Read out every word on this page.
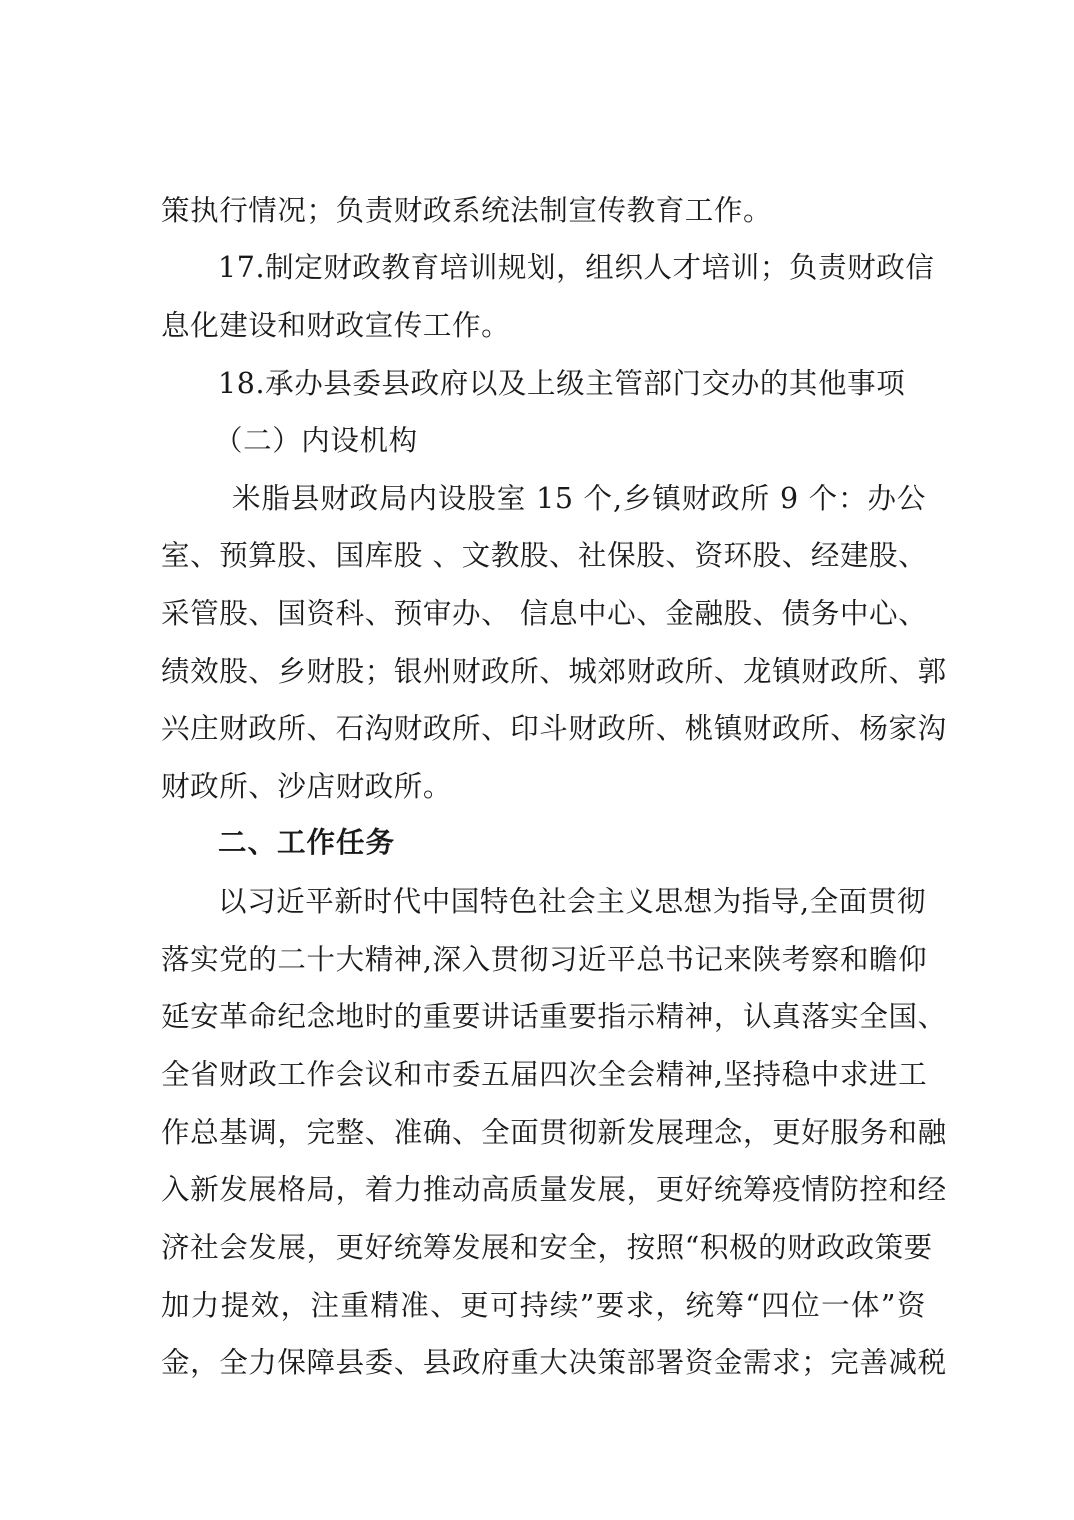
策执行情况；负责财政系统法制宣传教育工作。
17.制定财政教育培训规划，组织人才培训；负责财政信
息化建设和财政宣传工作。
18.承办县委县政府以及上级主管部门交办的其他事项
（二）内设机构
米脂县财政局内设股室 15 个,乡镇财政所 9 个：办公
室、预算股、国库股 、文教股、社保股、资环股、经建股、
采管股、国资科、预审办、 信息中心、金融股、债务中心、
绩效股、乡财股；银州财政所、城郊财政所、龙镇财政所、郭
兴庄财政所、石沟财政所、印斗财政所、桃镇财政所、杨家沟
财政所、沙店财政所。
二、工作任务
以习近平新时代中国特色社会主义思想为指导,全面贯彻
落实党的二十大精神,深入贯彻习近平总书记来陕考察和瞻仰
延安革命纪念地时的重要讲话重要指示精神，认真落实全国、
全省财政工作会议和市委五届四次全会精神,坚持稳中求进工
作总基调，完整、准确、全面贯彻新发展理念，更好服务和融
入新发展格局，着力推动高质量发展，更好统筹疫情防控和经
济社会发展，更好统筹发展和安全，按照“积极的财政政策要
加力提效，注重精准、更可持续”要求，统筹“四位一体”资
金，全力保障县委、县政府重大决策部署资金需求；完善减税
